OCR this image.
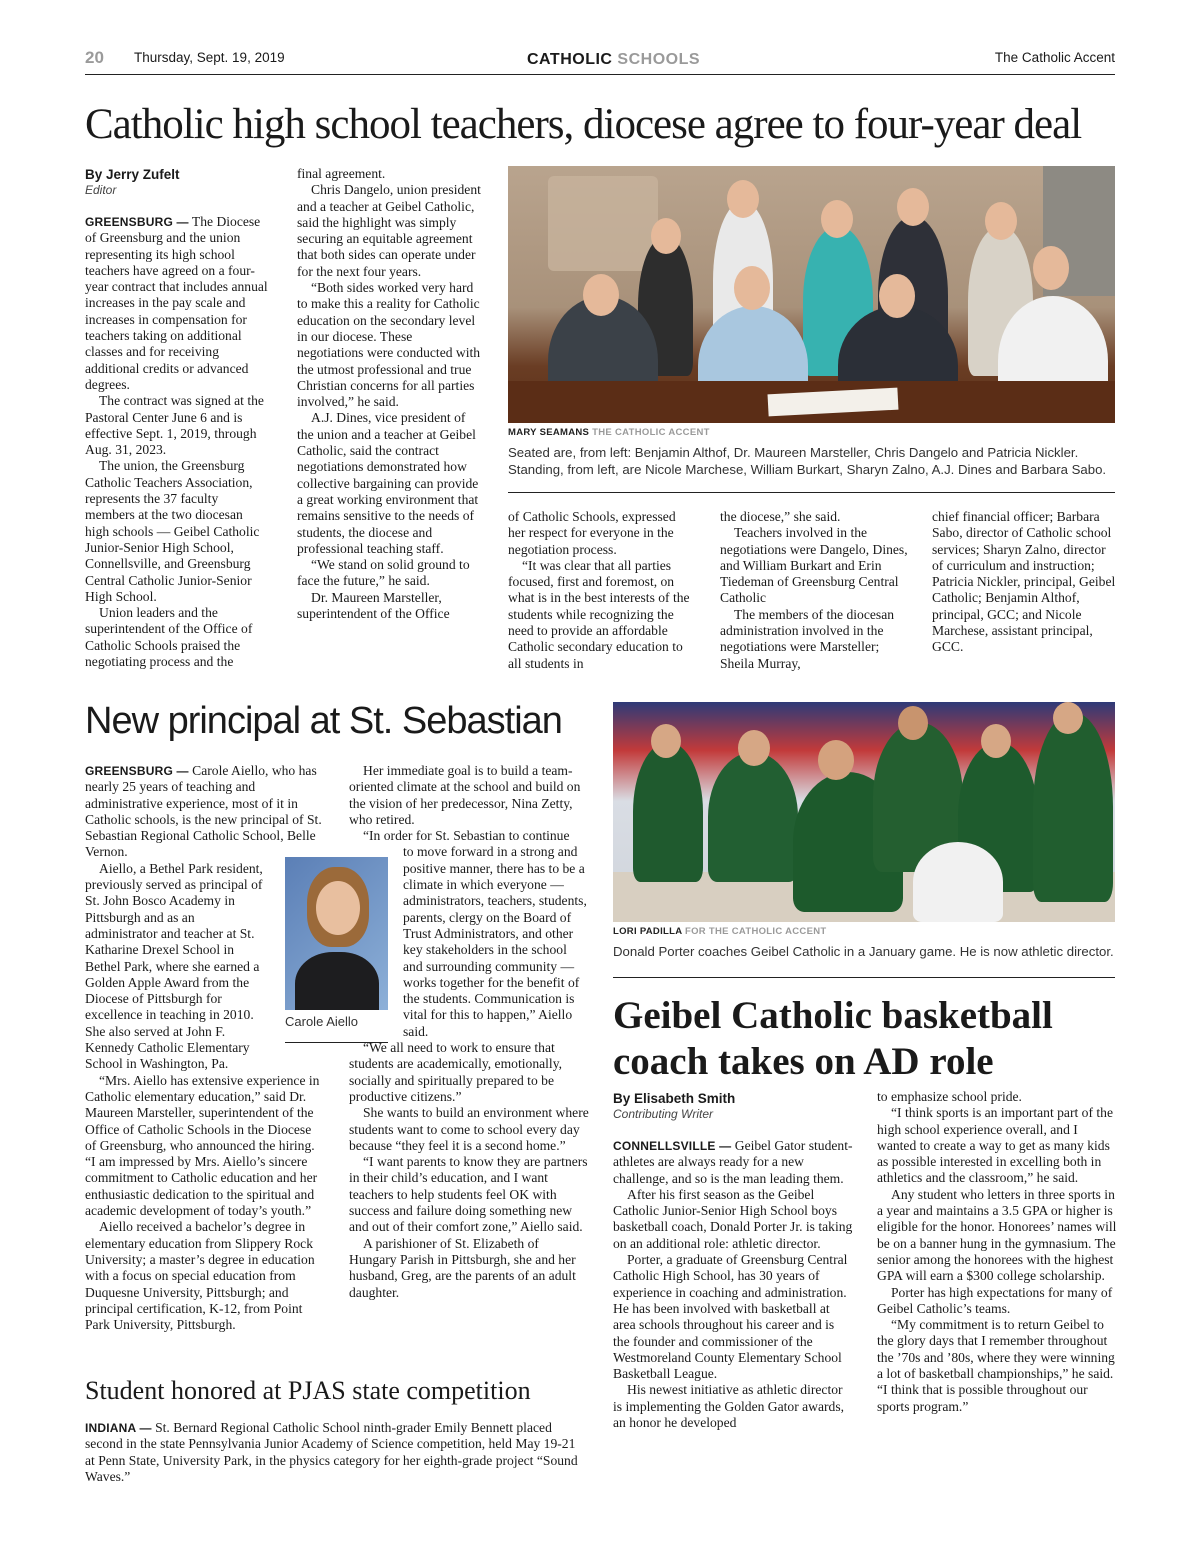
20 Thursday, Sept. 19, 2019	CATHOLIC SCHOOLS	The Catholic Accent
Catholic high school teachers, diocese agree to four-year deal
By Jerry Zufelt
Editor

GREENSBURG — The Diocese of Greensburg and the union representing its high school teachers have agreed on a four-year contract that includes annual increases in the pay scale and increases in compensation for teachers taking on additional classes and for receiving additional credits or advanced degrees.

The contract was signed at the Pastoral Center June 6 and is effective Sept. 1, 2019, through Aug. 31, 2023.

The union, the Greensburg Catholic Teachers Association, represents the 37 faculty members at the two diocesan high schools — Geibel Catholic Junior-Senior High School, Connellsville, and Greensburg Central Catholic Junior-Senior High School.

Union leaders and the superintendent of the Office of Catholic Schools praised the negotiating process and the

final agreement.

Chris Dangelo, union president and a teacher at Geibel Catholic, said the highlight was simply securing an equitable agreement that both sides can operate under for the next four years.

“Both sides worked very hard to make this a reality for Catholic education on the secondary level in our diocese. These negotiations were conducted with the utmost professional and true Christian concerns for all parties involved,” he said.

A.J. Dines, vice president of the union and a teacher at Geibel Catholic, said the contract negotiations demonstrated how collective bargaining can provide a great working environment that remains sensitive to the needs of students, the diocese and professional teaching staff.

“We stand on solid ground to face the future,” he said.

Dr. Maureen Marsteller, superintendent of the Office

MARY SEAMANS THE CATHOLIC ACCENT
Seated are, from left: Benjamin Althof, Dr. Maureen Marsteller, Chris Dangelo and Patricia Nickler. Standing, from left, are Nicole Marchese, William Burkart, Sharyn Zalno, A.J. Dines and Barbara Sabo.

of Catholic Schools, expressed her respect for everyone in the negotiation process.

“It was clear that all parties focused, first and foremost, on what is in the best interests of the students while recognizing the need to provide an affordable Catholic secondary education to all students in

the diocese,” she said.

Teachers involved in the negotiations were Dangelo, Dines, and William Burkart and Erin Tiedeman of Greensburg Central Catholic

The members of the diocesan administration involved in the negotiations were Marsteller; Sheila Murray,

chief financial officer; Barbara Sabo, director of Catholic school services; Sharyn Zalno, director of curriculum and instruction; Patricia Nickler, principal, Geibel Catholic; Benjamin Althof, principal, GCC; and Nicole Marchese, assistant principal, GCC.

New principal at St. Sebastian

GREENSBURG — Carole Aiello, who has nearly 25 years of teaching and administrative experience, most of it in Catholic schools, is the new principal of St. Sebastian Regional Catholic School, Belle Vernon.

Aiello, a Bethel Park resident, previously served as principal of St. John Bosco Academy in Pittsburgh and as an administrator and teacher at St. Katharine Drexel School in Bethel Park, where she earned a Golden Apple Award from the Diocese of Pittsburgh for excellence in teaching in 2010. She also served at John F. Kennedy Catholic Elementary School in Washington, Pa.

“Mrs. Aiello has extensive experience in Catholic elementary education,” said Dr. Maureen Marsteller, superintendent of the Office of Catholic Schools in the Diocese of Greensburg, who announced the hiring. “I am impressed by Mrs. Aiello’s sincere commitment to Catholic education and her enthusiastic dedication to the spiritual and academic development of today’s youth.”

Aiello received a bachelor’s degree in elementary education from Slippery Rock University; a master’s degree in education with a focus on special education from Duquesne University, Pittsburgh; and principal certification, K-12, from Point Park University, Pittsburgh.

Carole Aiello

Her immediate goal is to build a team-oriented climate at the school and build on the vision of her predecessor, Nina Zetty, who retired.

“In order for St. Sebastian to continue

to move forward in a strong and positive manner, there has to be a climate in which everyone — administrators, teachers, students, parents, clergy on the Board of Trust Administrators, and other key stakeholders in the school and surrounding community — works together for the benefit of the students. Communication is vital for this to happen,” Aiello said.

“We all need to work to ensure that students are academically, emotionally, socially and spiritually prepared to be productive citizens.”

She wants to build an environment where students want to come to school every day because “they feel it is a second home.”

“I want parents to know they are partners in their child’s education, and I want teachers to help students feel OK with success and failure doing something new and out of their comfort zone,” Aiello said.

A parishioner of St. Elizabeth of Hungary Parish in Pittsburgh, she and her husband, Greg, are the parents of an adult daughter.

Student honored at PJAS state competition

INDIANA — St. Bernard Regional Catholic School ninth-grader Emily Bennett placed second in the state Pennsylvania Junior Academy of Science competition, held May 19-21 at Penn State, University Park, in the physics category for her eighth-grade project “Sound Waves.”

LORI PADILLA FOR THE CATHOLIC ACCENT
Donald Porter coaches Geibel Catholic in a January game. He is now athletic director.
Geibel Catholic basketball
coach takes on AD role
By Elisabeth Smith
Contributing Writer

CONNELLSVILLE — Geibel Gator student-athletes are always ready for a new challenge, and so is the man leading them.

After his first season as the Geibel Catholic Junior-Senior High School boys basketball coach, Donald Porter Jr. is taking on an additional role: athletic director.

Porter, a graduate of Greensburg Central Catholic High School, has 30 years of experience in coaching and administration. He has been involved with basketball at area schools throughout his career and is the founder and commissioner of the Westmoreland County Elementary School Basketball League.

His newest initiative as athletic director is implementing the Golden Gator awards, an honor he developed

to emphasize school pride.

“I think sports is an important part of the high school experience overall, and I wanted to create a way to get as many kids as possible interested in excelling both in athletics and the classroom,” he said.

Any student who letters in three sports in a year and maintains a 3.5 GPA or higher is eligible for the honor. Honorees’ names will be on a banner hung in the gymnasium. The senior among the honorees with the highest GPA will earn a $300 college scholarship.

Porter has high expectations for many of Geibel Catholic’s teams.

“My commitment is to return Geibel to the glory days that I remember throughout the ’70s and ’80s, where they were winning a lot of basketball championships,” he said. “I think that is possible throughout our sports program.”
